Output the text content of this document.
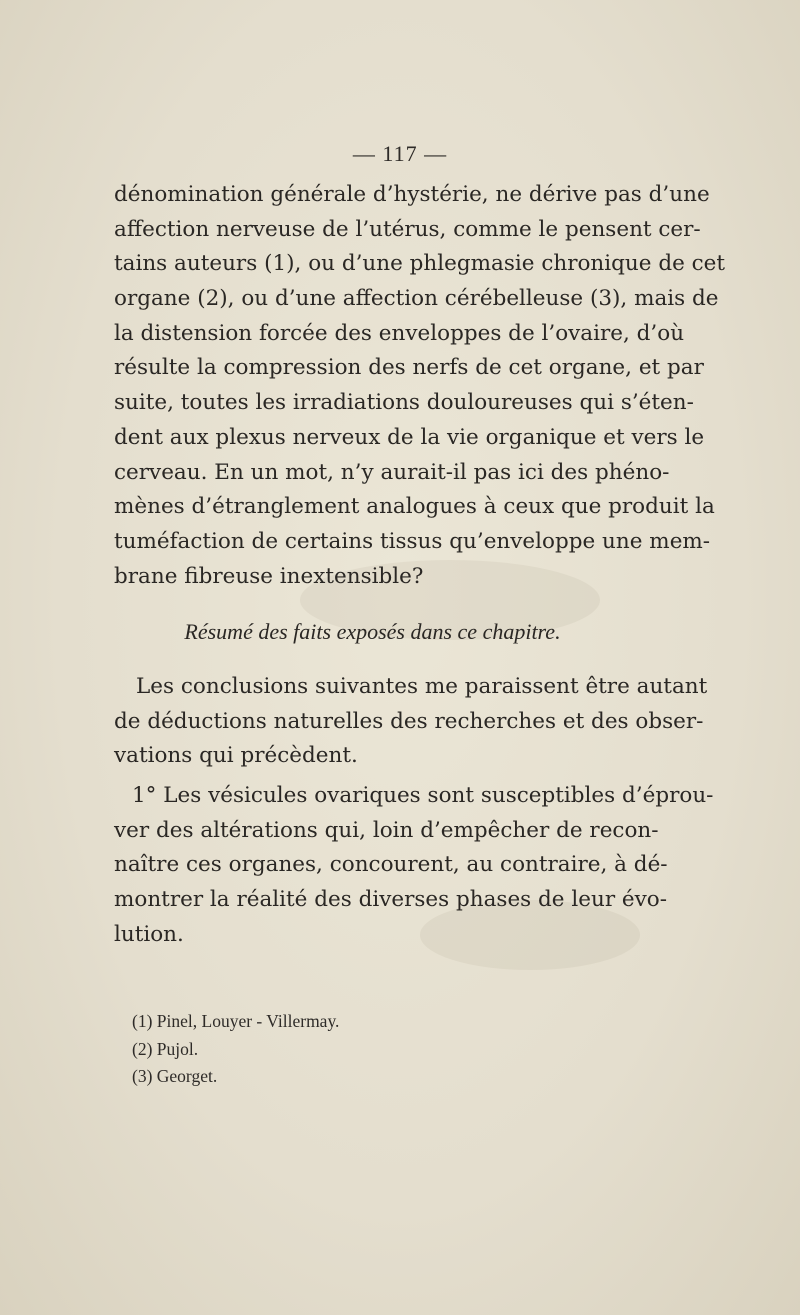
— 117 —
dénomination générale d’hystérie, ne dérive pas d’une
affection nerveuse de l’utérus, comme le pensent cer-
tains auteurs (1), ou d’une phlegmasie chronique de cet
organe (2), ou d’une affection cérébelleuse (3), mais de
la distension forcée des enveloppes de l’ovaire, d’où
résulte la compression des nerfs de cet organe, et par
suite, toutes les irradiations douloureuses qui s’éten-
dent aux plexus nerveux de la vie organique et vers le
cerveau. En un mot, n’y aurait-il pas ici des phéno-
mènes d’étranglement analogues à ceux que produit la
tuméfaction de certains tissus qu’enveloppe une mem-
brane fibreuse inextensible?
Résumé des faits exposés dans ce chapitre.
Les conclusions suivantes me paraissent être autant
de déductions naturelles des recherches et des obser-
vations qui précèdent.
1° Les vésicules ovariques sont susceptibles d’éprou-
ver des altérations qui, loin d’empêcher de recon-
naître ces organes, concourent, au contraire, à dé-
montrer la réalité des diverses phases de leur évo-
lution.
(1) Pinel, Louyer - Villermay.
(2) Pujol.
(3) Georget.
